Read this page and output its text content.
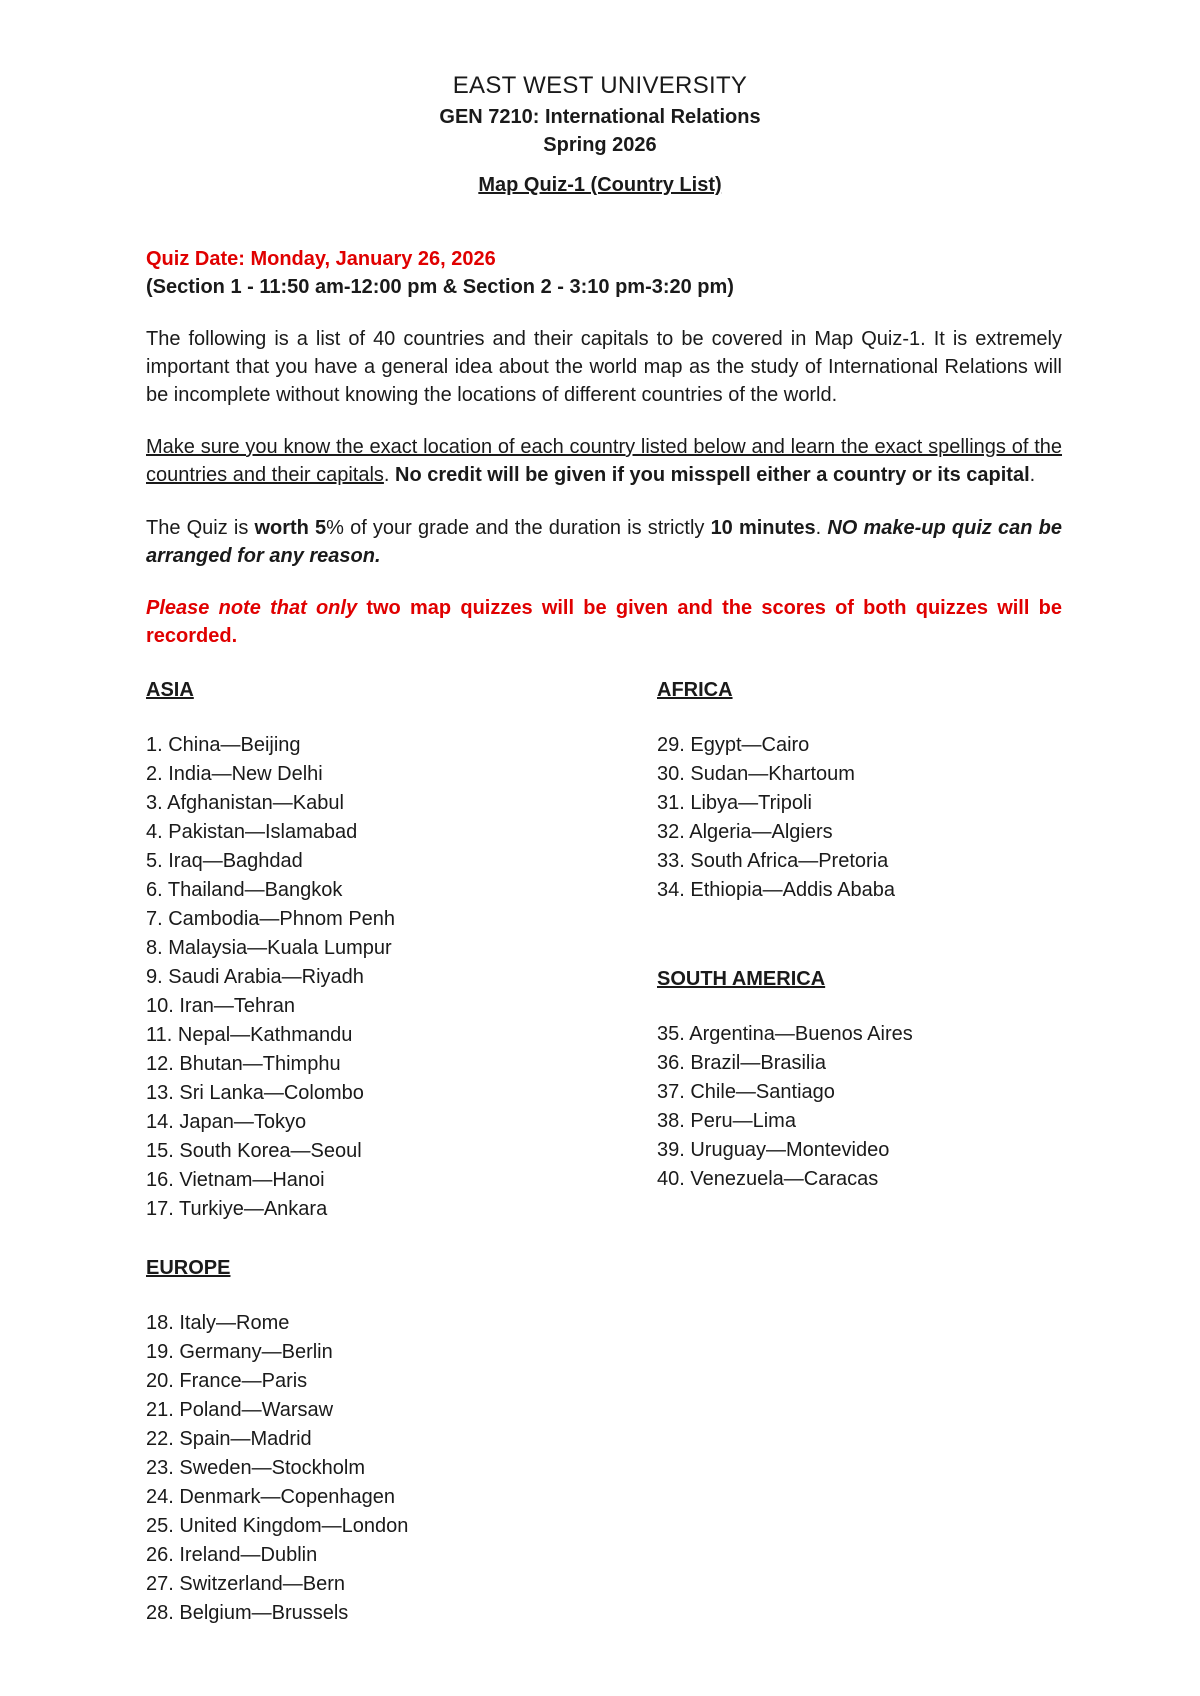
EAST WEST UNIVERSITY
GEN 7210: International Relations
Spring 2026
Map Quiz-1 (Country List)
Quiz Date: Monday, January 26, 2026
(Section 1 - 11:50 am-12:00 pm & Section 2 - 3:10 pm-3:20 pm)
The following is a list of 40 countries and their capitals to be covered in Map Quiz-1. It is extremely important that you have a general idea about the world map as the study of International Relations will be incomplete without knowing the locations of different countries of the world.
Make sure you know the exact location of each country listed below and learn the exact spellings of the countries and their capitals. No credit will be given if you misspell either a country or its capital.
The Quiz is worth 5% of your grade and the duration is strictly 10 minutes. NO make-up quiz can be arranged for any reason.
Please note that only two map quizzes will be given and the scores of both quizzes will be recorded.
ASIA
1. China—Beijing
2. India—New Delhi
3. Afghanistan—Kabul
4. Pakistan—Islamabad
5. Iraq—Baghdad
6. Thailand—Bangkok
7. Cambodia—Phnom Penh
8. Malaysia—Kuala Lumpur
9. Saudi Arabia—Riyadh
10. Iran—Tehran
11. Nepal—Kathmandu
12. Bhutan—Thimphu
13. Sri Lanka—Colombo
14. Japan—Tokyo
15. South Korea—Seoul
16. Vietnam—Hanoi
17. Turkiye—Ankara
EUROPE
18. Italy—Rome
19. Germany—Berlin
20. France—Paris
21. Poland—Warsaw
22. Spain—Madrid
23. Sweden—Stockholm
24. Denmark—Copenhagen
25. United Kingdom—London
26. Ireland—Dublin
27. Switzerland—Bern
28. Belgium—Brussels
AFRICA
29. Egypt—Cairo
30. Sudan—Khartoum
31. Libya—Tripoli
32. Algeria—Algiers
33. South Africa—Pretoria
34. Ethiopia—Addis Ababa
SOUTH AMERICA
35. Argentina—Buenos Aires
36. Brazil—Brasilia
37. Chile—Santiago
38. Peru—Lima
39. Uruguay—Montevideo
40. Venezuela—Caracas
